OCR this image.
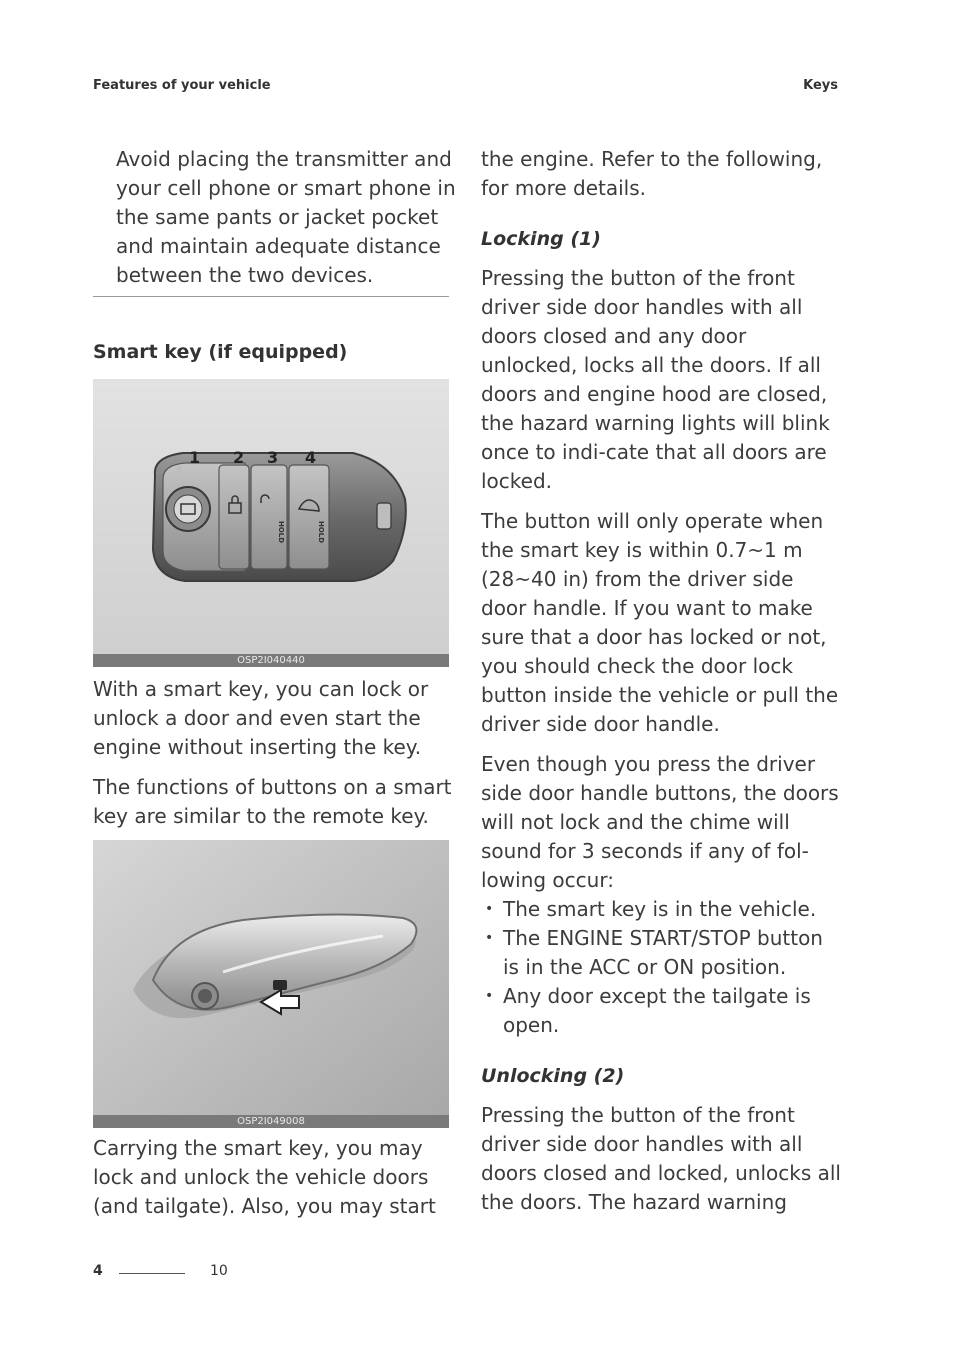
Features of your vehicle	Keys
Avoid placing the transmitter and your cell phone or smart phone in the same pants or jacket pocket and maintain adequate distance between the two devices.
Smart key (if equipped)
1 2 3 4
HOLD	HOLD
OSP2I040440

With a smart key, you can lock or unlock a door and even start the engine without inserting the key.

The functions of buttons on a smart key are similar to the remote key.

OSP2I049008

Carrying the smart key, you may lock and unlock the vehicle doors (and tailgate). Also, you may start

the engine. Refer to the following, for more details.

Locking (1)

Pressing the button of the front driver side door handles with all doors closed and any door unlocked, locks all the doors. If all doors and engine hood are closed, the hazard warning lights will blink once to indi-cate that all doors are locked.

The button will only operate when the smart key is within 0.7~1 m (28~40 in) from the driver side door handle. If you want to make sure that a door has locked or not, you should check the door lock button inside the vehicle or pull the driver side door handle.

Even though you press the driver side door handle buttons, the doors will not lock and the chime will sound for 3 seconds if any of fol-lowing occur:

• The smart key is in the vehicle.
• The ENGINE START/STOP button is in the ACC or ON position.
• Any door except the tailgate is open.
Unlocking (2)

Pressing the button of the front driver side door handles with all doors closed and locked, unlocks all the doors. The hazard warning

4	10
